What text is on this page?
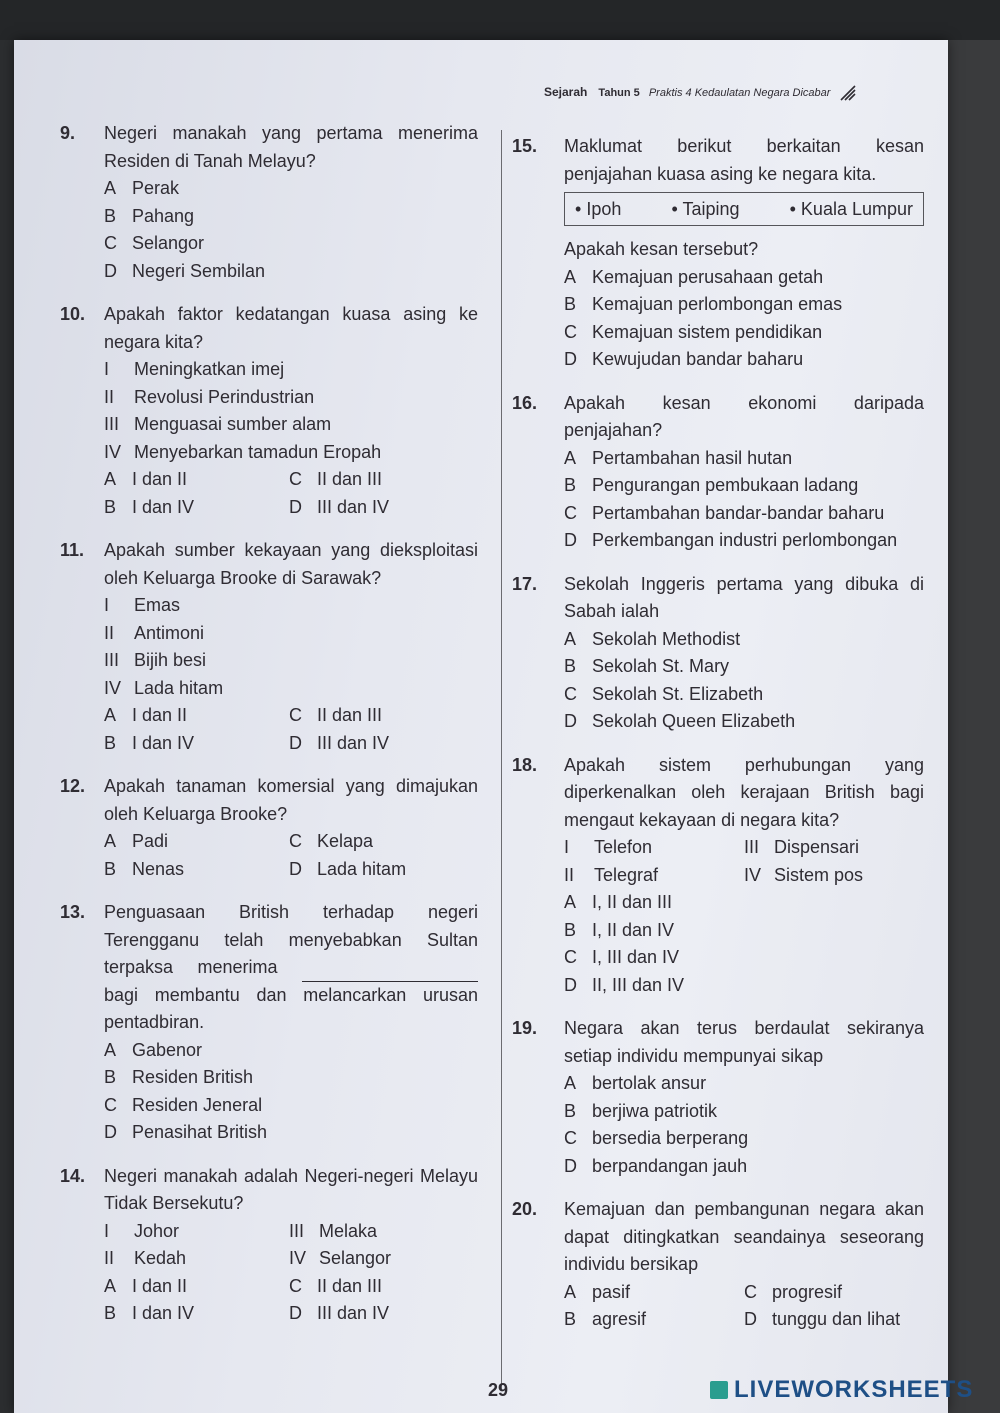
Sejarah Tahun 5 Praktis 4 Kedaulatan Negara Dicabar
9.	Negeri manakah yang pertama menerima Residen di Tanah Melayu?
A Perak
B Pahang
C Selangor
D Negeri Sembilan
10.	Apakah faktor kedatangan kuasa asing ke negara kita?
I	Meningkatkan imej
II	Revolusi Perindustrian
III Menguasai sumber alam
IV Menyebarkan tamadun Eropah
A I dan II	C II dan III
B I dan IV	D III dan IV
11.	Apakah sumber kekayaan yang dieksploitasi oleh Keluarga Brooke di Sarawak?
I	Emas
II	Antimoni
III Bijih besi
IV Lada hitam
A I dan II	C II dan III
B I dan IV	D III dan IV
12.	Apakah tanaman komersial yang dimajukan oleh Keluarga Brooke?
A Padi	C Kelapa
B Nenas	D Lada hitam
13.	Penguasaan British terhadap negeri Terengganu telah menyebabkan Sultan terpaksa menerima  bagi membantu dan melancarkan urusan pentadbiran.
A Gabenor
B Residen British
C Residen Jeneral
D Penasihat British
14.	Negeri manakah adalah Negeri-negeri Melayu Tidak Bersekutu?
I	Johor	III Melaka
II	Kedah	IV Selangor
A I dan II	C II dan III
B I dan IV	D III dan IV
15.	Maklumat berikut berkaitan kesan penjajahan kuasa asing ke negara kita.
• Ipoh	• Taiping	• Kuala Lumpur
Apakah kesan tersebut?
A Kemajuan perusahaan getah
B Kemajuan perlombongan emas
C Kemajuan sistem pendidikan
D Kewujudan bandar baharu
16.	Apakah kesan ekonomi daripada penjajahan?
A Pertambahan hasil hutan
B Pengurangan pembukaan ladang
C Pertambahan bandar-bandar baharu
D Perkembangan industri perlombongan
17.	Sekolah Inggeris pertama yang dibuka di Sabah ialah
A Sekolah Methodist
B Sekolah St. Mary
C Sekolah St. Elizabeth
D Sekolah Queen Elizabeth
18.	Apakah sistem perhubungan yang diperkenalkan oleh kerajaan British bagi mengaut kekayaan di negara kita?
I	Telefon	III Dispensari
II	Telegraf	IV Sistem pos
A I, II dan III
B I, II dan IV
C I, III dan IV
D II, III dan IV
19.	Negara akan terus berdaulat sekiranya setiap individu mempunyai sikap
A bertolak ansur
B berjiwa patriotik
C bersedia berperang
D berpandangan jauh
20.	Kemajuan dan pembangunan negara akan dapat ditingkatkan seandainya seseorang individu bersikap
A pasif	C progresif
B agresif	D tunggu dan lihat
29	LIVEWORKSHEETS
